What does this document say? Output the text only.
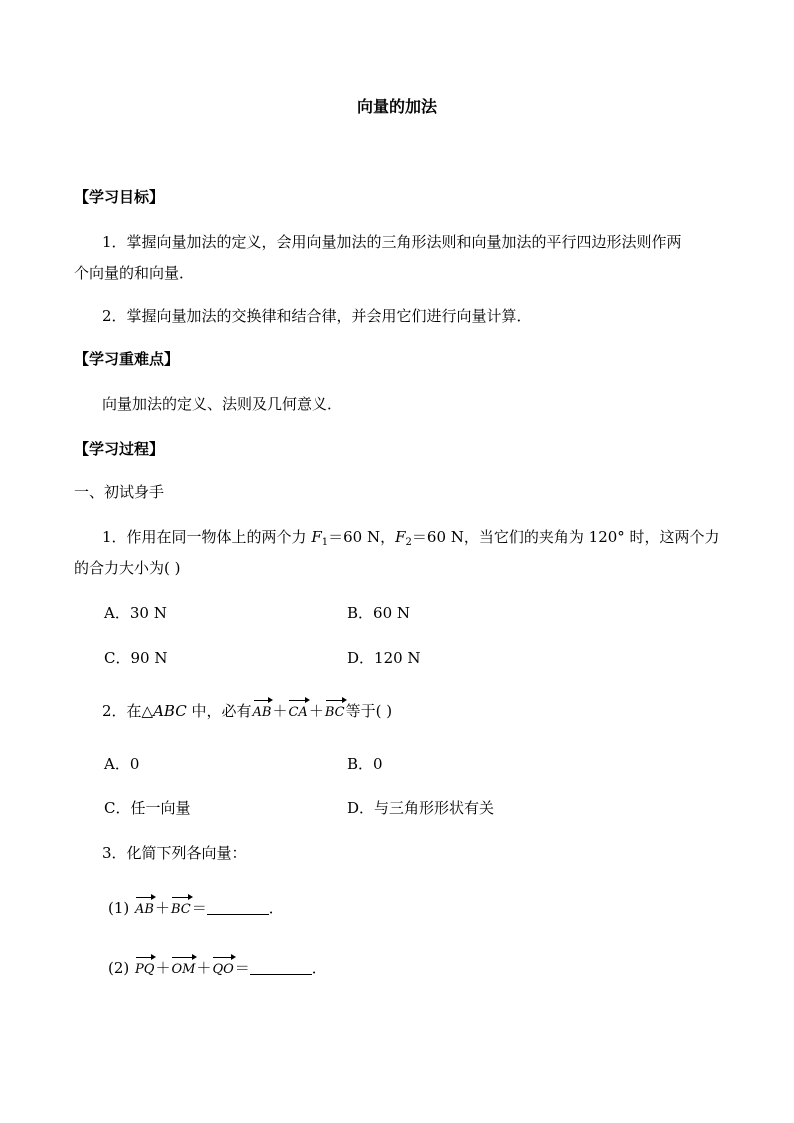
向量的加法
【学习目标】
1．掌握向量加法的定义，会用向量加法的三角形法则和向量加法的平行四边形法则作两
个向量的和向量．
2．掌握向量加法的交换律和结合律，并会用它们进行向量计算．
【学习重难点】
向量加法的定义、法则及几何意义．
【学习过程】
一、初试身手
1．作用在同一物体上的两个力 $F_1=60$ N，$F_2=60$ N，当它们的夹角为 120° 时，这两个力
的合力大小为( )
A．30 N	B．60 N
C．90 N	D．120 N
2．在△ABC 中，必有AB＋CA＋BC等于( )
A．0	B．0
C．任一向量	D．与三角形形状有关
3．化简下列各向量：
(1) AB＋BC＝	．
(2) PQ＋OM＋QO＝	．
